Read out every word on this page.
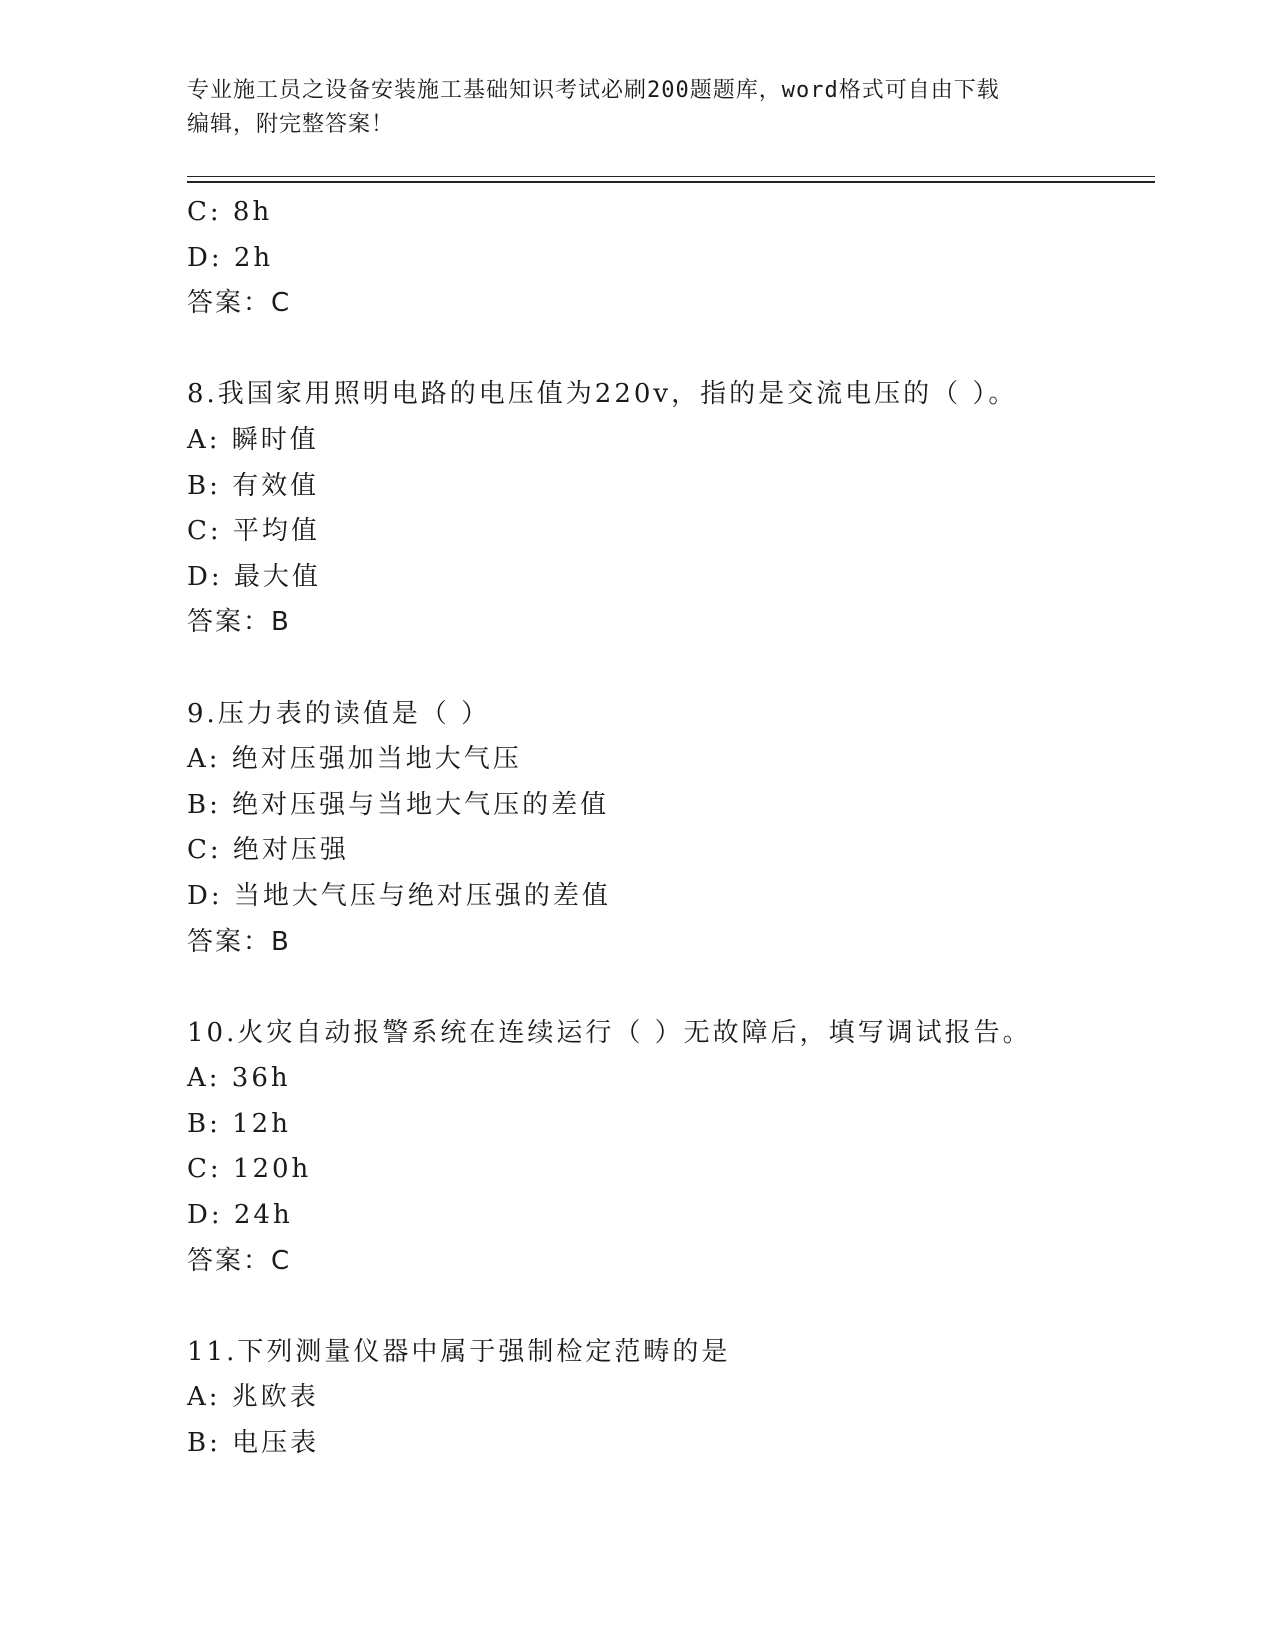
专业施工员之设备安装施工基础知识考试必刷200题题库，word格式可自由下载
编辑，附完整答案！
C: 8h
D: 2h
答案：C
8.我国家用照明电路的电压值为220v，指的是交流电压的（ ）。
A: 瞬时值
B: 有效值
C: 平均值
D: 最大值
答案：B
9.压力表的读值是（ ）
A: 绝对压强加当地大气压
B: 绝对压强与当地大气压的差值
C: 绝对压强
D: 当地大气压与绝对压强的差值
答案：B
10.火灾自动报警系统在连续运行（ ）无故障后，填写调试报告。
A: 36h
B: 12h
C: 120h
D: 24h
答案：C
11.下列测量仪器中属于强制检定范畴的是
A: 兆欧表
B: 电压表
